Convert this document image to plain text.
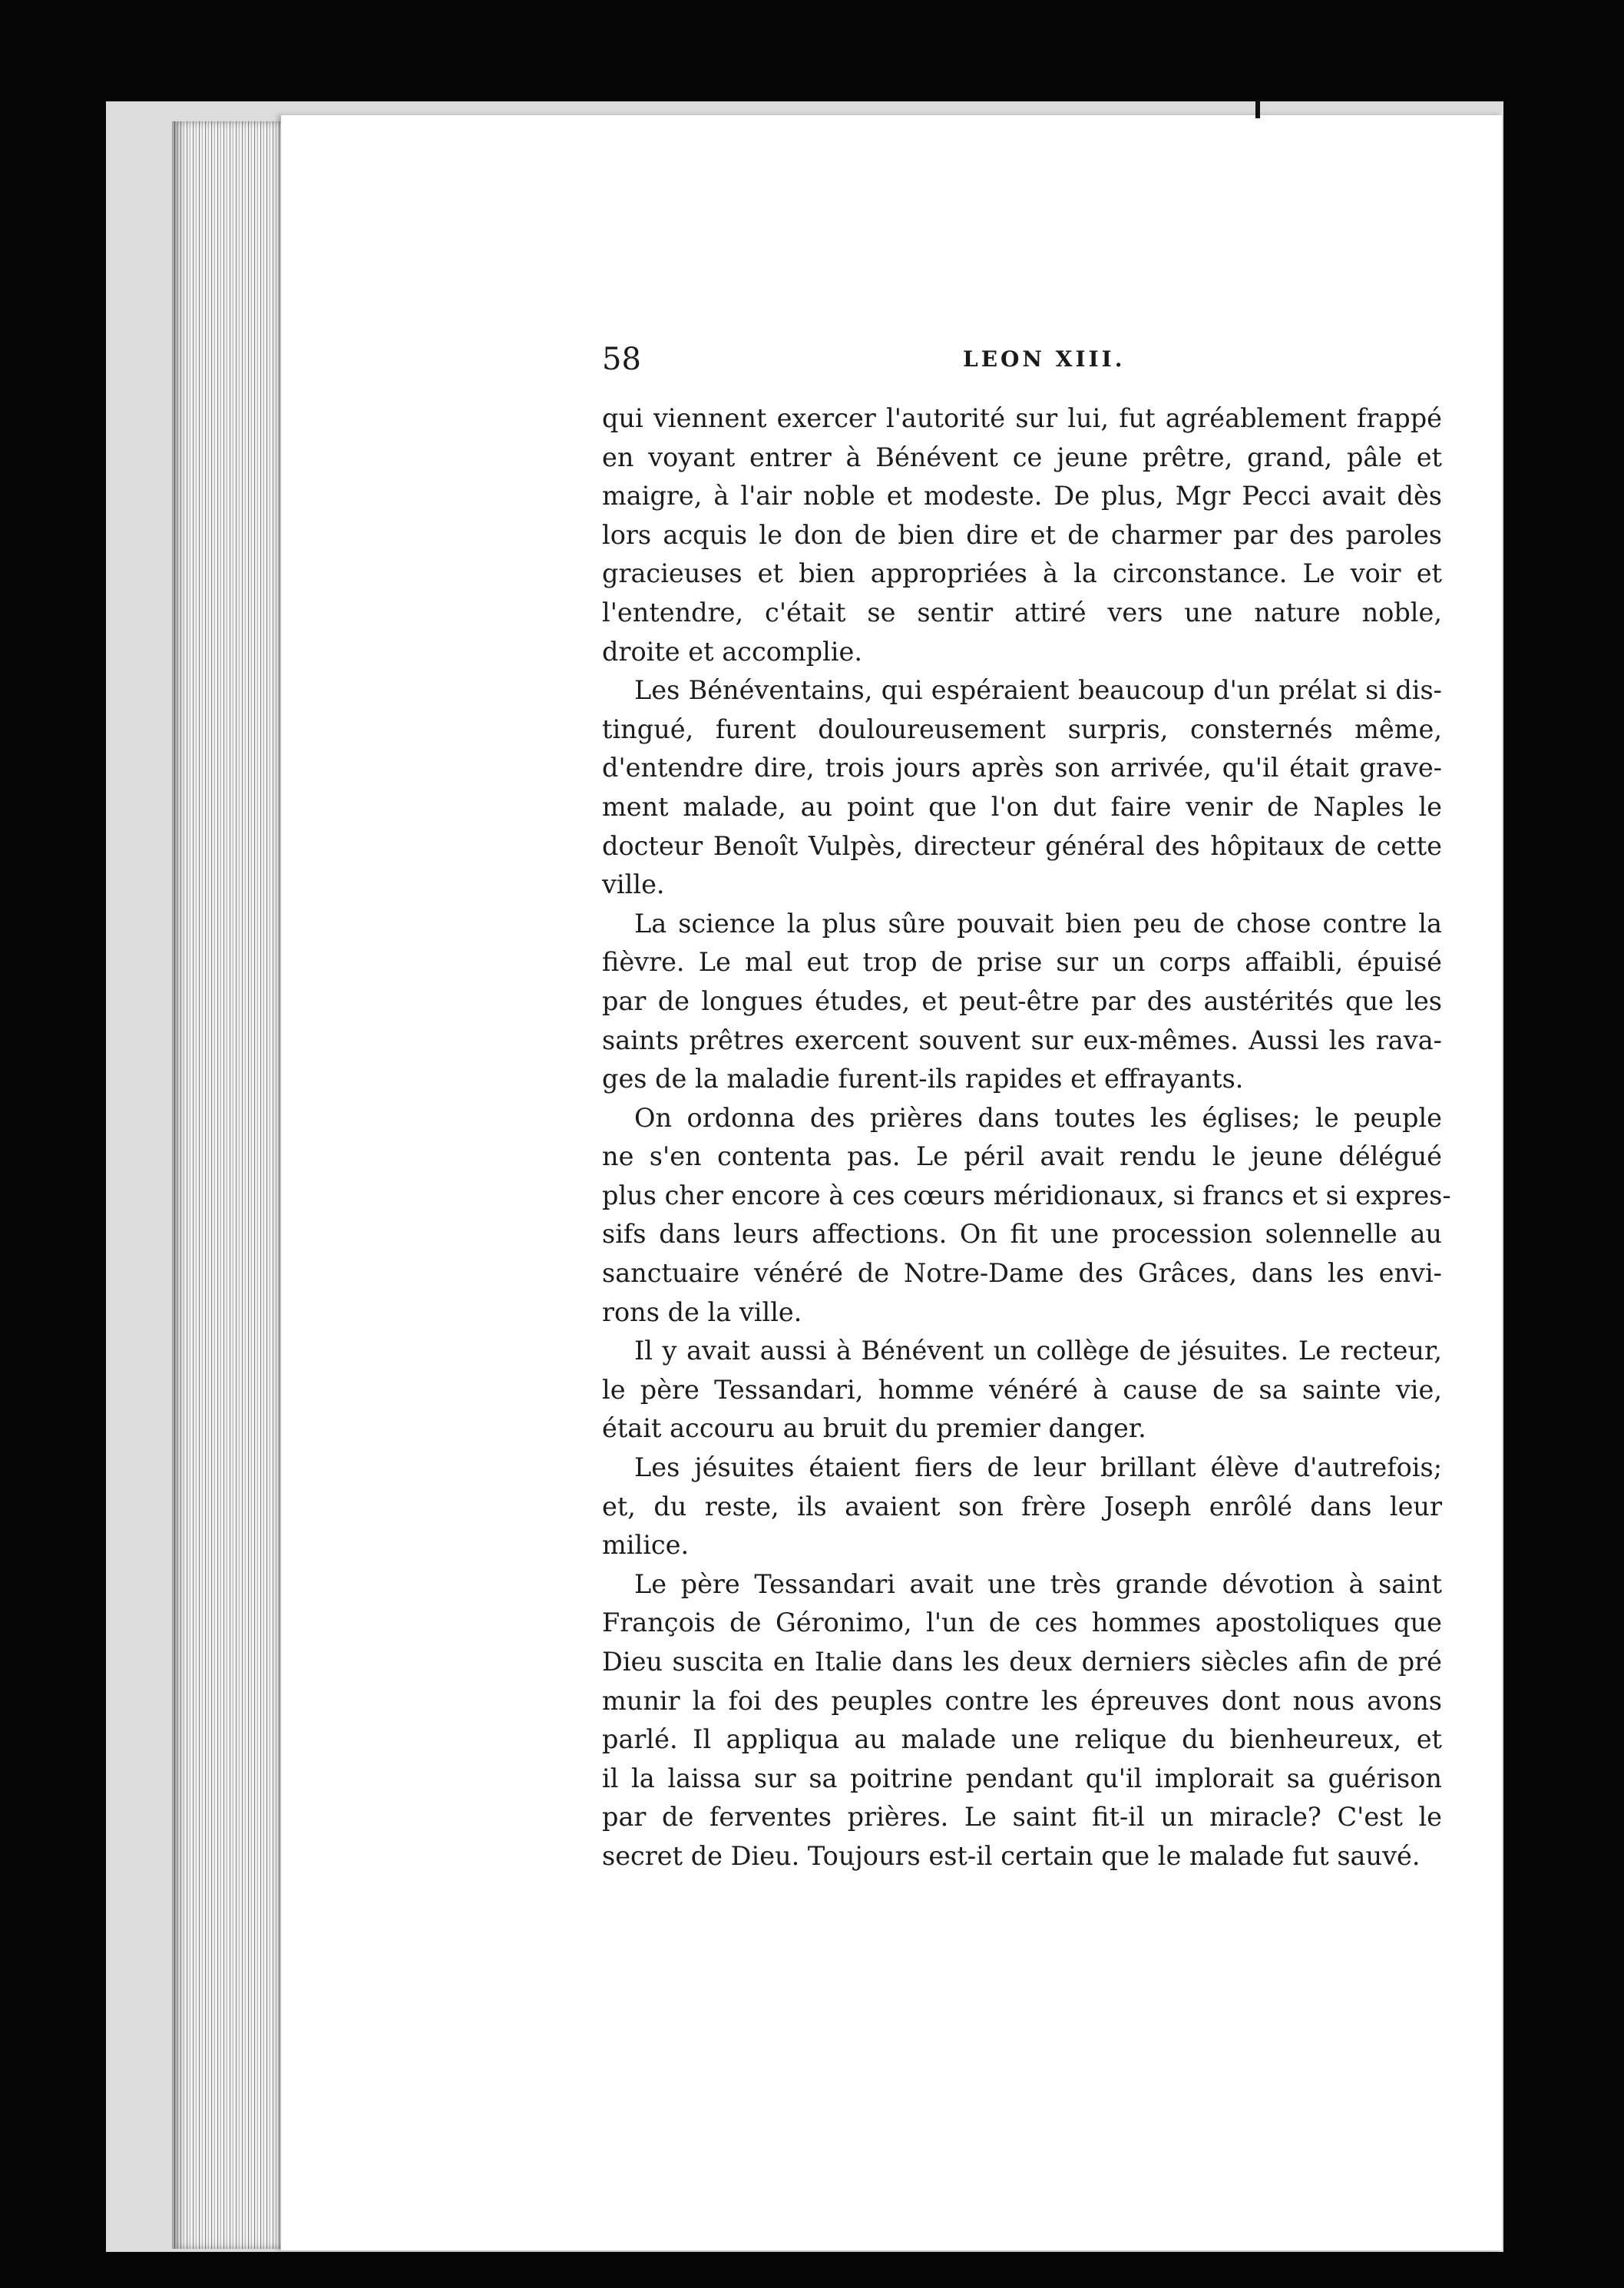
58	LEON XIII.
qui viennent exercer l'autorité sur lui, fut agréablement frappé
en voyant entrer à Bénévent ce jeune prêtre, grand, pâle et
maigre, à l'air noble et modeste. De plus, Mgr Pecci avait dès
lors acquis le don de bien dire et de charmer par des paroles
gracieuses et bien appropriées à la circonstance. Le voir et
l'entendre, c'était se sentir attiré vers une nature noble,
droite et accomplie.
Les Bénéventains, qui espéraient beaucoup d'un prélat si dis-
tingué, furent douloureusement surpris, consternés même,
d'entendre dire, trois jours après son arrivée, qu'il était grave-
ment malade, au point que l'on dut faire venir de Naples le
docteur Benoît Vulpès, directeur général des hôpitaux de cette
ville.
La science la plus sûre pouvait bien peu de chose contre la
fièvre. Le mal eut trop de prise sur un corps affaibli, épuisé
par de longues études, et peut-être par des austérités que les
saints prêtres exercent souvent sur eux-mêmes. Aussi les rava-
ges de la maladie furent-ils rapides et effrayants.
On ordonna des prières dans toutes les églises; le peuple
ne s'en contenta pas. Le péril avait rendu le jeune délégué
plus cher encore à ces cœurs méridionaux, si francs et si expres-
sifs dans leurs affections. On fit une procession solennelle au
sanctuaire vénéré de Notre-Dame des Grâces, dans les envi-
rons de la ville.
Il y avait aussi à Bénévent un collège de jésuites. Le recteur,
le père Tessandari, homme vénéré à cause de sa sainte vie,
était accouru au bruit du premier danger.
Les jésuites étaient fiers de leur brillant élève d'autrefois;
et, du reste, ils avaient son frère Joseph enrôlé dans leur
milice.
Le père Tessandari avait une très grande dévotion à saint
François de Géronimo, l'un de ces hommes apostoliques que
Dieu suscita en Italie dans les deux derniers siècles afin de pré
munir la foi des peuples contre les épreuves dont nous avons
parlé. Il appliqua au malade une relique du bienheureux, et
il la laissa sur sa poitrine pendant qu'il implorait sa guérison
par de ferventes prières. Le saint fit-il un miracle? C'est le
secret de Dieu. Toujours est-il certain que le malade fut sauvé.
